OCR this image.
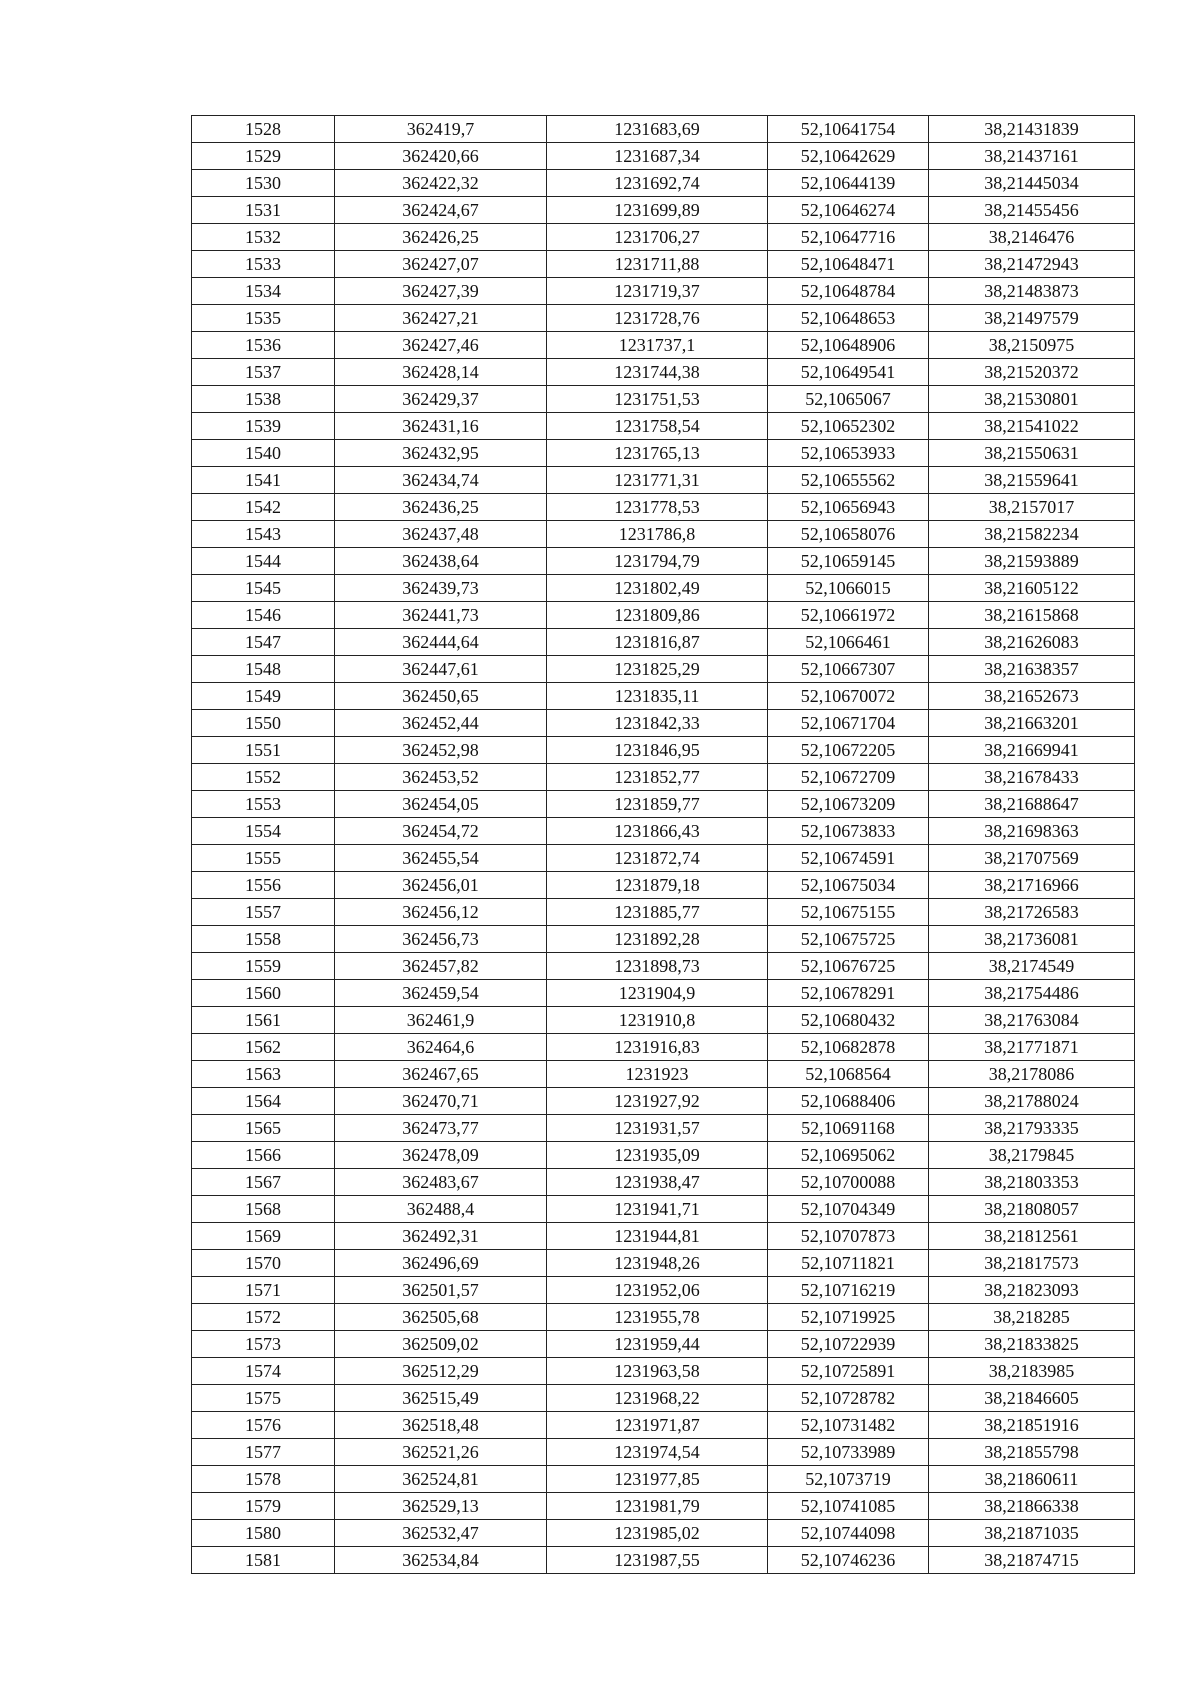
1528	362419,7	1231683,69	52,10641754	38,21431839
1529	362420,66	1231687,34	52,10642629	38,21437161
1530	362422,32	1231692,74	52,10644139	38,21445034
1531	362424,67	1231699,89	52,10646274	38,21455456
1532	362426,25	1231706,27	52,10647716	38,2146476
1533	362427,07	1231711,88	52,10648471	38,21472943
1534	362427,39	1231719,37	52,10648784	38,21483873
1535	362427,21	1231728,76	52,10648653	38,21497579
1536	362427,46	1231737,1	52,10648906	38,2150975
1537	362428,14	1231744,38	52,10649541	38,21520372
1538	362429,37	1231751,53	52,1065067	38,21530801
1539	362431,16	1231758,54	52,10652302	38,21541022
1540	362432,95	1231765,13	52,10653933	38,21550631
1541	362434,74	1231771,31	52,10655562	38,21559641
1542	362436,25	1231778,53	52,10656943	38,2157017
1543	362437,48	1231786,8	52,10658076	38,21582234
1544	362438,64	1231794,79	52,10659145	38,21593889
1545	362439,73	1231802,49	52,1066015	38,21605122
1546	362441,73	1231809,86	52,10661972	38,21615868
1547	362444,64	1231816,87	52,1066461	38,21626083
1548	362447,61	1231825,29	52,10667307	38,21638357
1549	362450,65	1231835,11	52,10670072	38,21652673
1550	362452,44	1231842,33	52,10671704	38,21663201
1551	362452,98	1231846,95	52,10672205	38,21669941
1552	362453,52	1231852,77	52,10672709	38,21678433
1553	362454,05	1231859,77	52,10673209	38,21688647
1554	362454,72	1231866,43	52,10673833	38,21698363
1555	362455,54	1231872,74	52,10674591	38,21707569
1556	362456,01	1231879,18	52,10675034	38,21716966
1557	362456,12	1231885,77	52,10675155	38,21726583
1558	362456,73	1231892,28	52,10675725	38,21736081
1559	362457,82	1231898,73	52,10676725	38,2174549
1560	362459,54	1231904,9	52,10678291	38,21754486
1561	362461,9	1231910,8	52,10680432	38,21763084
1562	362464,6	1231916,83	52,10682878	38,21771871
1563	362467,65	1231923	52,1068564	38,2178086
1564	362470,71	1231927,92	52,10688406	38,21788024
1565	362473,77	1231931,57	52,10691168	38,21793335
1566	362478,09	1231935,09	52,10695062	38,2179845
1567	362483,67	1231938,47	52,10700088	38,21803353
1568	362488,4	1231941,71	52,10704349	38,21808057
1569	362492,31	1231944,81	52,10707873	38,21812561
1570	362496,69	1231948,26	52,10711821	38,21817573
1571	362501,57	1231952,06	52,10716219	38,21823093
1572	362505,68	1231955,78	52,10719925	38,218285
1573	362509,02	1231959,44	52,10722939	38,21833825
1574	362512,29	1231963,58	52,10725891	38,2183985
1575	362515,49	1231968,22	52,10728782	38,21846605
1576	362518,48	1231971,87	52,10731482	38,21851916
1577	362521,26	1231974,54	52,10733989	38,21855798
1578	362524,81	1231977,85	52,1073719	38,21860611
1579	362529,13	1231981,79	52,10741085	38,21866338
1580	362532,47	1231985,02	52,10744098	38,21871035
1581	362534,84	1231987,55	52,10746236	38,21874715
